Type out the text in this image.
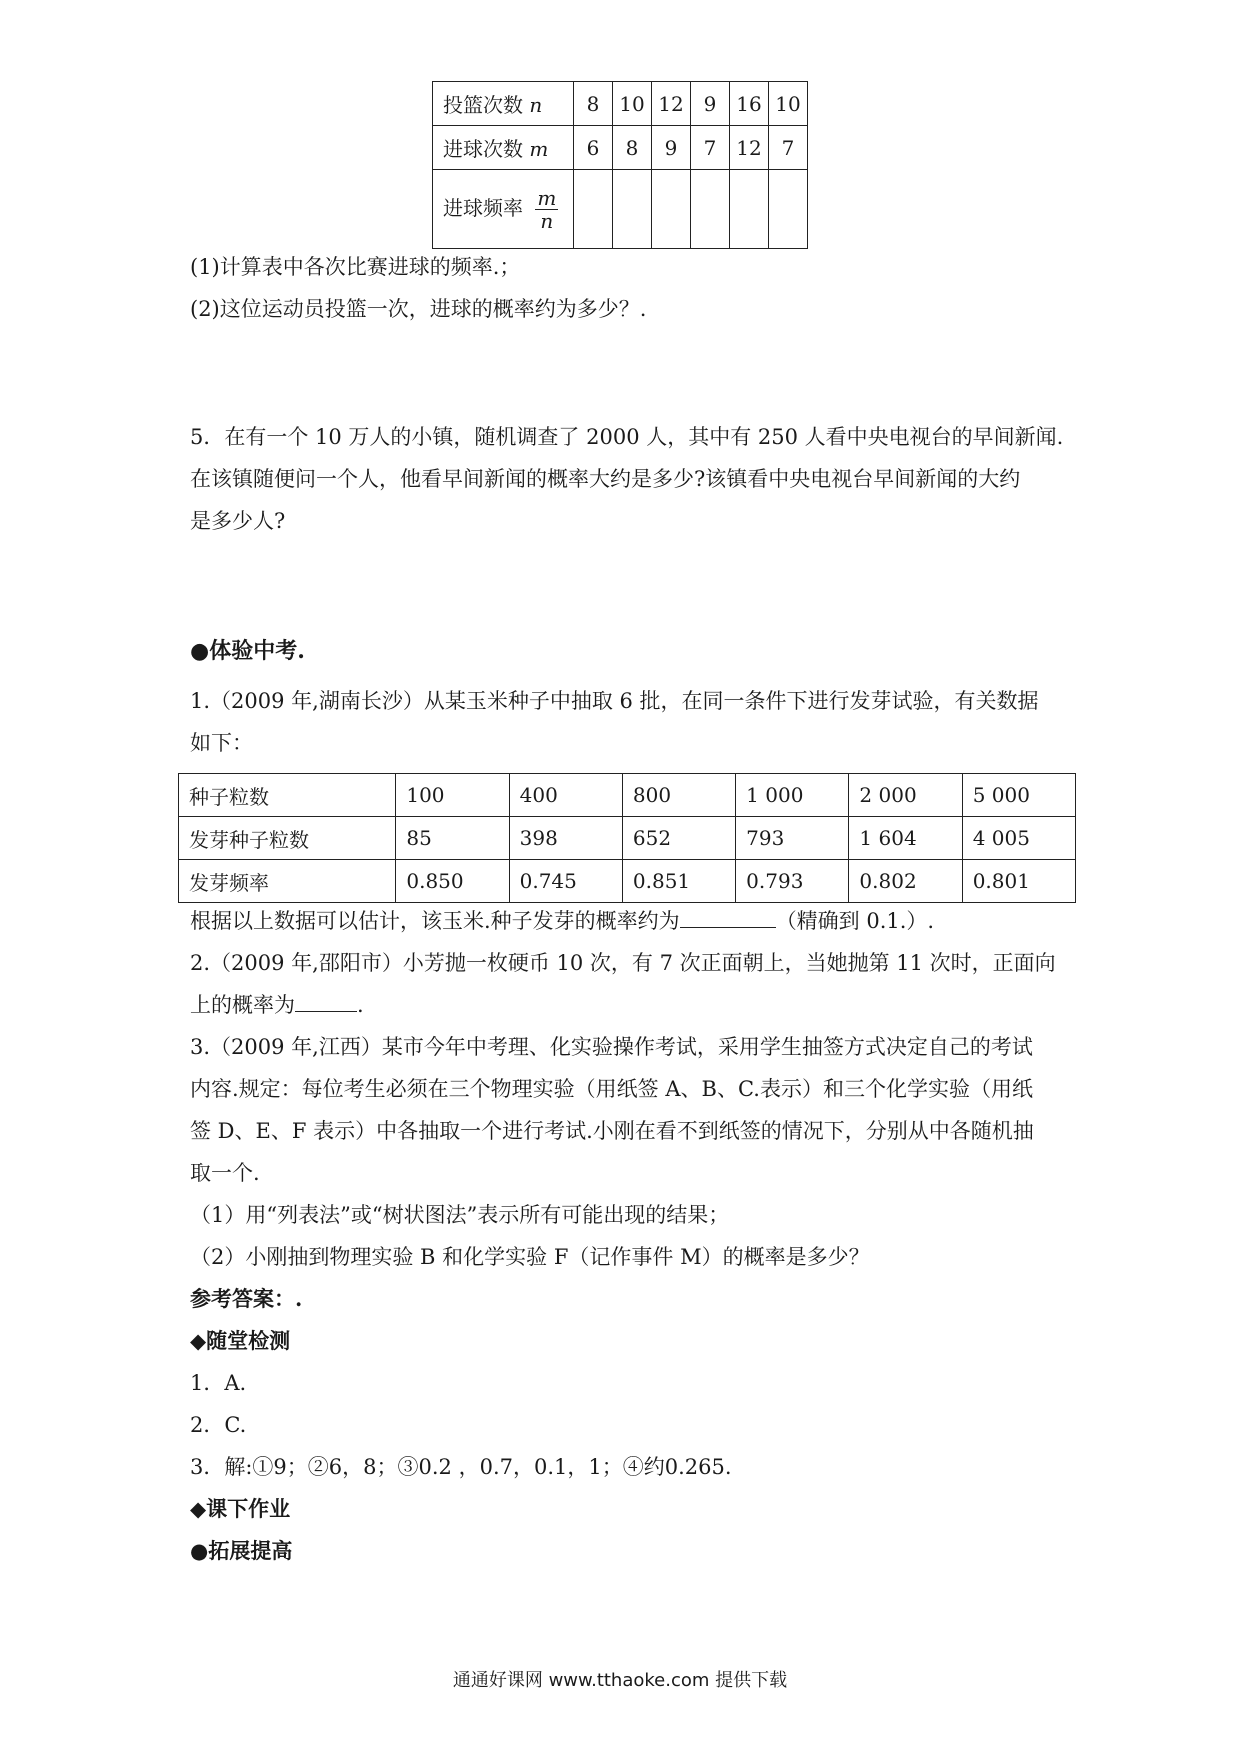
投篮次数 n	8	10	12	9	16	10
进球次数 m	6	8	9	7	12	7
进球频率 $\frac{m}{n}$

(1)计算表中各次比赛进球的频率.；

(2)这位运动员投篮一次，进球的概率约为多少？.

5．在有一个 10 万人的小镇，随机调查了 2000 人，其中有 250 人看中央电视台的早间新闻.

在该镇随便问一个人，他看早间新闻的概率大约是多少?该镇看中央电视台早间新闻的大约

是多少人?

●体验中考.

1.（2009 年,湖南长沙）从某玉米种子中抽取 6 批，在同一条件下进行发芽试验，有关数据

如下：

种子粒数	100	400	800	1 000	2 000	5 000
发芽种子粒数	85	398	652	793	1 604	4 005
发芽频率	0.850	0.745	0.851	0.793	0.802	0.801

根据以上数据可以估计，该玉米.种子发芽的概率约为	（精确到 0.1.）.

2.（2009 年,邵阳市）小芳抛一枚硬币 10 次，有 7 次正面朝上，当她抛第 11 次时，正面向

上的概率为	.

3.（2009 年,江西）某市今年中考理、化实验操作考试，采用学生抽签方式决定自己的考试

内容.规定：每位考生必须在三个物理实验（用纸签 A、B、C.表示）和三个化学实验（用纸

签 D、E、F 表示）中各抽取一个进行考试.小刚在看不到纸签的情况下，分别从中各随机抽

取一个.

（1）用“列表法”或“树状图法”表示所有可能出现的结果；

（2）小刚抽到物理实验 B 和化学实验 F（记作事件 M）的概率是多少？

参考答案：.

◆随堂检测

1．A.

2．C.

3．解:①9；②6，8；③0.2 ，0.7，0.1，1；④约0.265.

◆课下作业

●拓展提高

通通好课网 www.tthaoke.com 提供下载
